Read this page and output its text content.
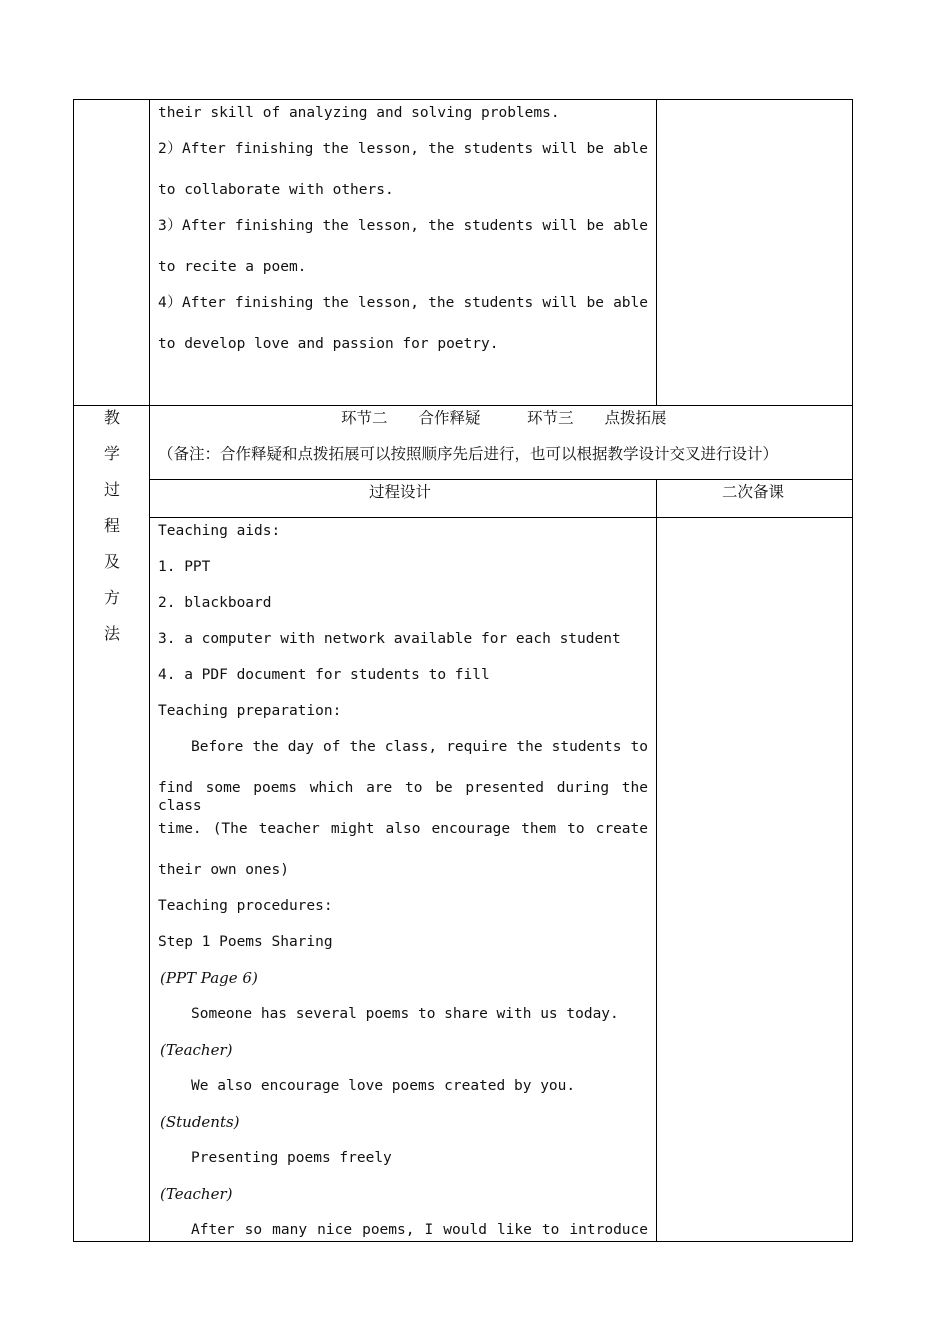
their skill of analyzing and solving problems.
2）After finishing the lesson, the students will be able
to collaborate with others.
3）After finishing the lesson, the students will be able
to recite a poem.
4）After finishing the lesson, the students will be able
to develop love and passion for poetry.
教
学
过
程
及
方
法
环节二　　合作释疑　　　环节三　　点拨拓展
（备注：合作释疑和点拨拓展可以按照顺序先后进行，也可以根据教学设计交叉进行设计）
过程设计	二次备课
Teaching aids:
1. PPT
2. blackboard
3. a computer with network available for each student
4. a PDF document for students to fill
Teaching preparation:
Before the day of the class, require the students to
find some poems which are to be presented during the class
time. (The teacher might also encourage them to create
their own ones)
Teaching procedures:
Step 1 Poems Sharing
(PPT Page 6)
Someone has several poems to share with us today.
(Teacher)
We also encourage love poems created by you.
(Students)
Presenting poems freely
(Teacher)
After so many nice poems, I would like to introduce
